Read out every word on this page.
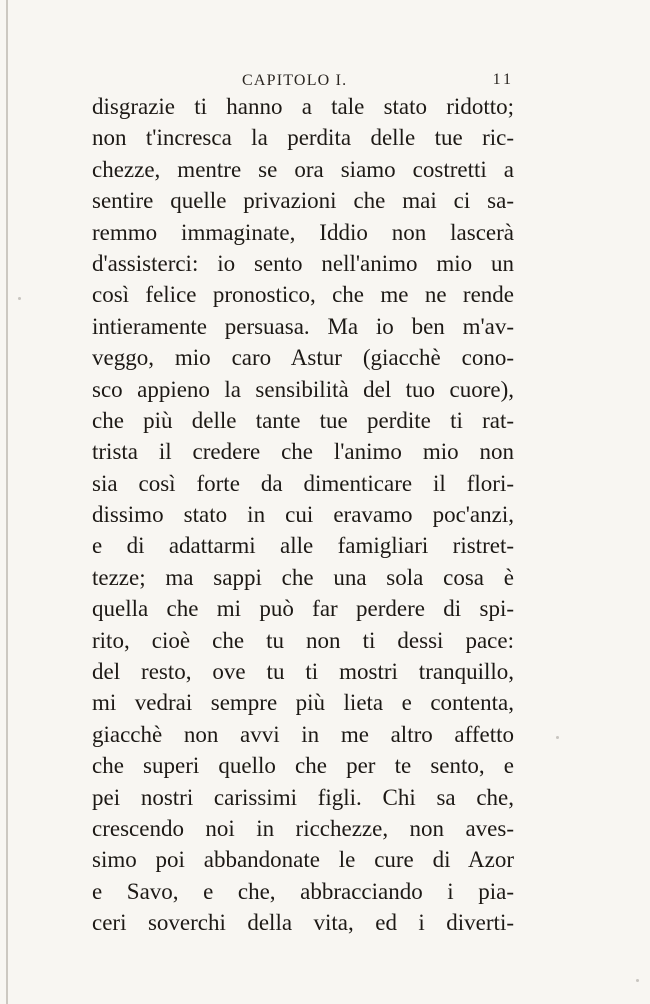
CAPITOLO I.	11
disgrazie ti hanno a tale stato ridotto;
non t'incresca la perdita delle tue ric-
chezze, mentre se ora siamo costretti a
sentire quelle privazioni che mai ci sa-
remmo immaginate, Iddio non lascerà
d'assisterci: io sento nell'animo mio un
così felice pronostico, che me ne rende
intieramente persuasa. Ma io ben m'av-
veggo, mio caro Astur (giacchè cono-
sco appieno la sensibilità del tuo cuore),
che più delle tante tue perdite ti rat-
trista il credere che l'animo mio non
sia così forte da dimenticare il flori-
dissimo stato in cui eravamo poc'anzi,
e di adattarmi alle famigliari ristret-
tezze; ma sappi che una sola cosa è
quella che mi può far perdere di spi-
rito, cioè che tu non ti dessi pace:
del resto, ove tu ti mostri tranquillo,
mi vedrai sempre più lieta e contenta,
giacchè non avvi in me altro affetto
che superi quello che per te sento, e
pei nostri carissimi figli. Chi sa che,
crescendo noi in ricchezze, non aves-
simo poi abbandonate le cure di Azor
e Savo, e che, abbracciando i pia-
ceri soverchi della vita, ed i diverti-
